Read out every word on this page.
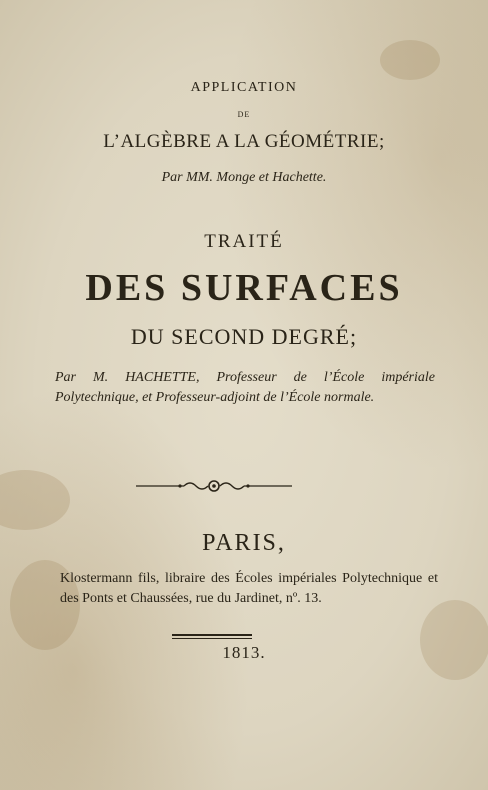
APPLICATION
DE
L’ALGÈBRE A LA GÉOMÉTRIE;
Par MM. Monge et Hachette.
TRAITÉ
DES SURFACES
DU SECOND DEGRÉ;
Par M. HACHETTE, Professeur de l’École impériale Polytechnique, et Professeur-adjoint de l’École normale.
PARIS,
Klostermann fils, libraire des Écoles impériales Polytechnique et des Ponts et Chaussées, rue du Jardinet, nº. 13.
1813.
